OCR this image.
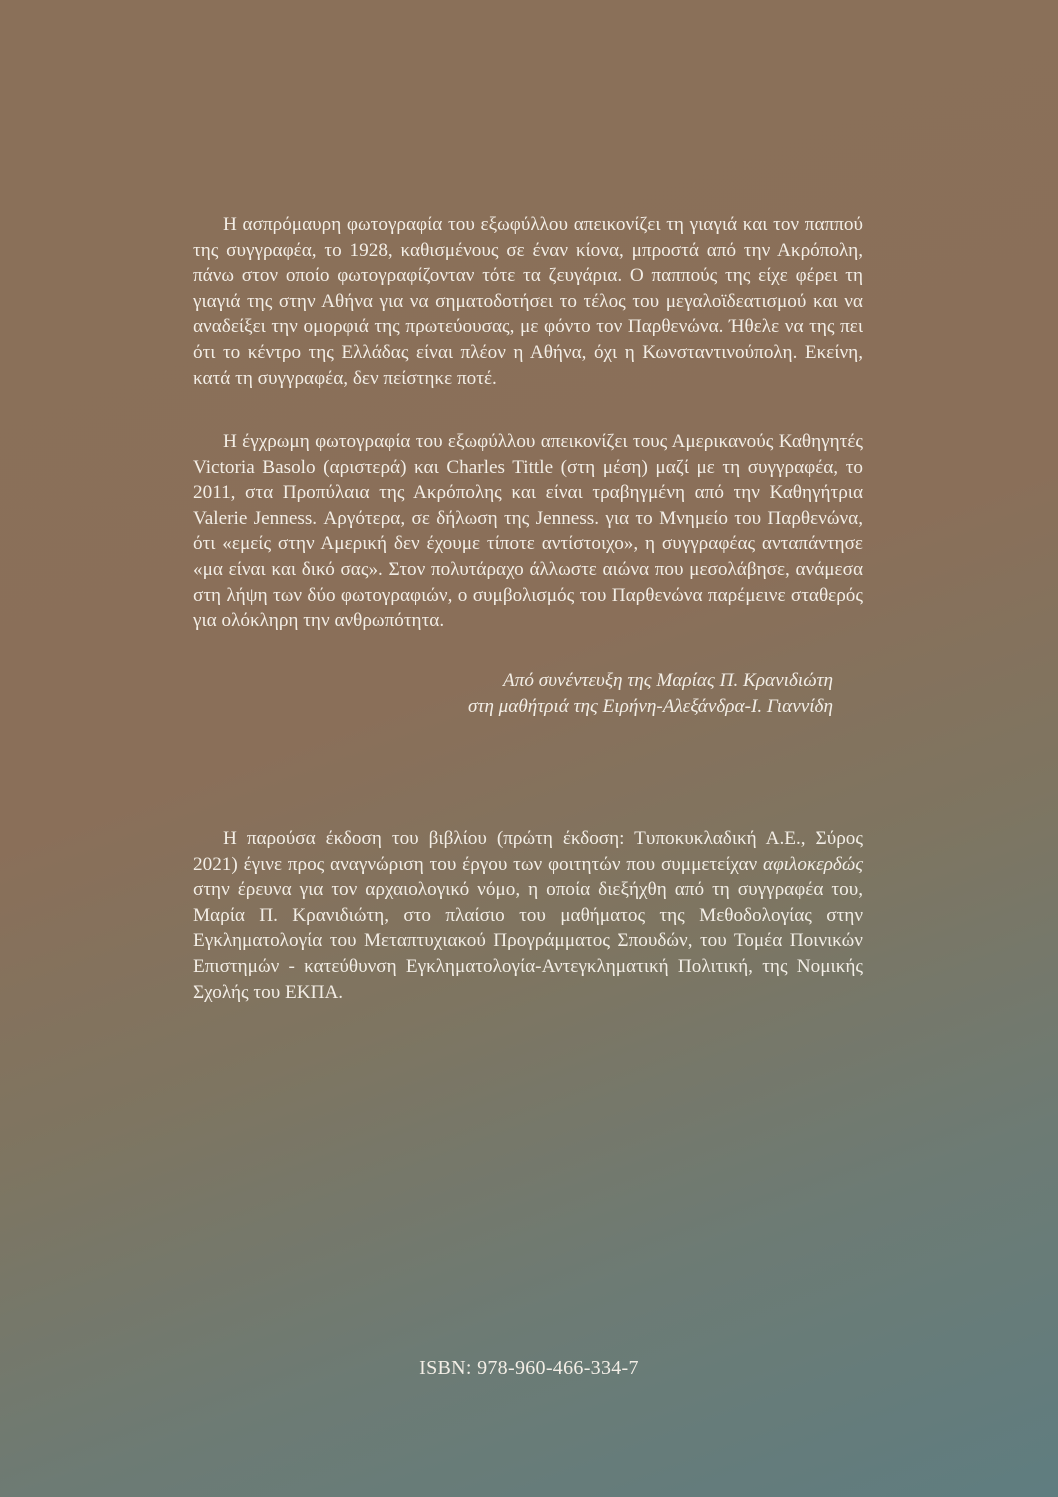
Η ασπρόμαυρη φωτογραφία του εξωφύλλου απεικονίζει τη γιαγιά και τον παππού της συγγραφέα, το 1928, καθισμένους σε έναν κίονα, μπροστά από την Ακρόπολη, πάνω στον οποίο φωτογραφίζονταν τότε τα ζευγάρια. Ο παππούς της είχε φέρει τη γιαγιά της στην Αθήνα για να σηματοδοτήσει το τέλος του μεγαλοϊδεατισμού και να αναδείξει την ομορφιά της πρωτεύουσας, με φόντο τον Παρθενώνα. Ήθελε να της πει ότι το κέντρο της Ελλάδας είναι πλέον η Αθήνα, όχι η Κωνσταντινούπολη. Εκείνη, κατά τη συγγραφέα, δεν πείστηκε ποτέ.

Η έγχρωμη φωτογραφία του εξωφύλλου απεικονίζει τους Αμερικανούς Καθηγητές Victoria Basolo (αριστερά) και Charles Tittle (στη μέση) μαζί με τη συγγραφέα, το 2011, στα Προπύλαια της Ακρόπολης και είναι τραβηγμένη από την Καθηγήτρια Valerie Jenness. Αργότερα, σε δήλωση της Jenness. για το Μνημείο του Παρθενώνα, ότι «εμείς στην Αμερική δεν έχουμε τίποτε αντίστοιχο», η συγγραφέας ανταπάντησε «μα είναι και δικό σας». Στον πολυτάραχο άλλωστε αιώνα που μεσολάβησε, ανάμεσα στη λήψη των δύο φωτογραφιών, ο συμβολισμός του Παρθενώνα παρέμεινε σταθερός για ολόκληρη την ανθρωπότητα.

Από συνέντευξη της Μαρίας Π. Κρανιδιώτη
στη μαθήτριά της Ειρήνη-Αλεξάνδρα-Ι. Γιαννίδη

Η παρούσα έκδοση του βιβλίου (πρώτη έκδοση: Τυποκυκλαδική Α.Ε., Σύρος 2021) έγινε προς αναγνώριση του έργου των φοιτητών που συμμετείχαν αφιλοκερδώς στην έρευνα για τον αρχαιολογικό νόμο, η οποία διεξήχθη από τη συγγραφέα του, Μαρία Π. Κρανιδιώτη, στο πλαίσιο του μαθήματος της Μεθοδολογίας στην Εγκληματολογία του Μεταπτυχιακού Προγράμματος Σπουδών, του Τομέα Ποινικών Επιστημών - κατεύθυνση Εγκληματολογία-Αντεγκληματική Πολιτική, της Νομικής Σχολής του ΕΚΠΑ.

ISBN: 978-960-466-334-7
